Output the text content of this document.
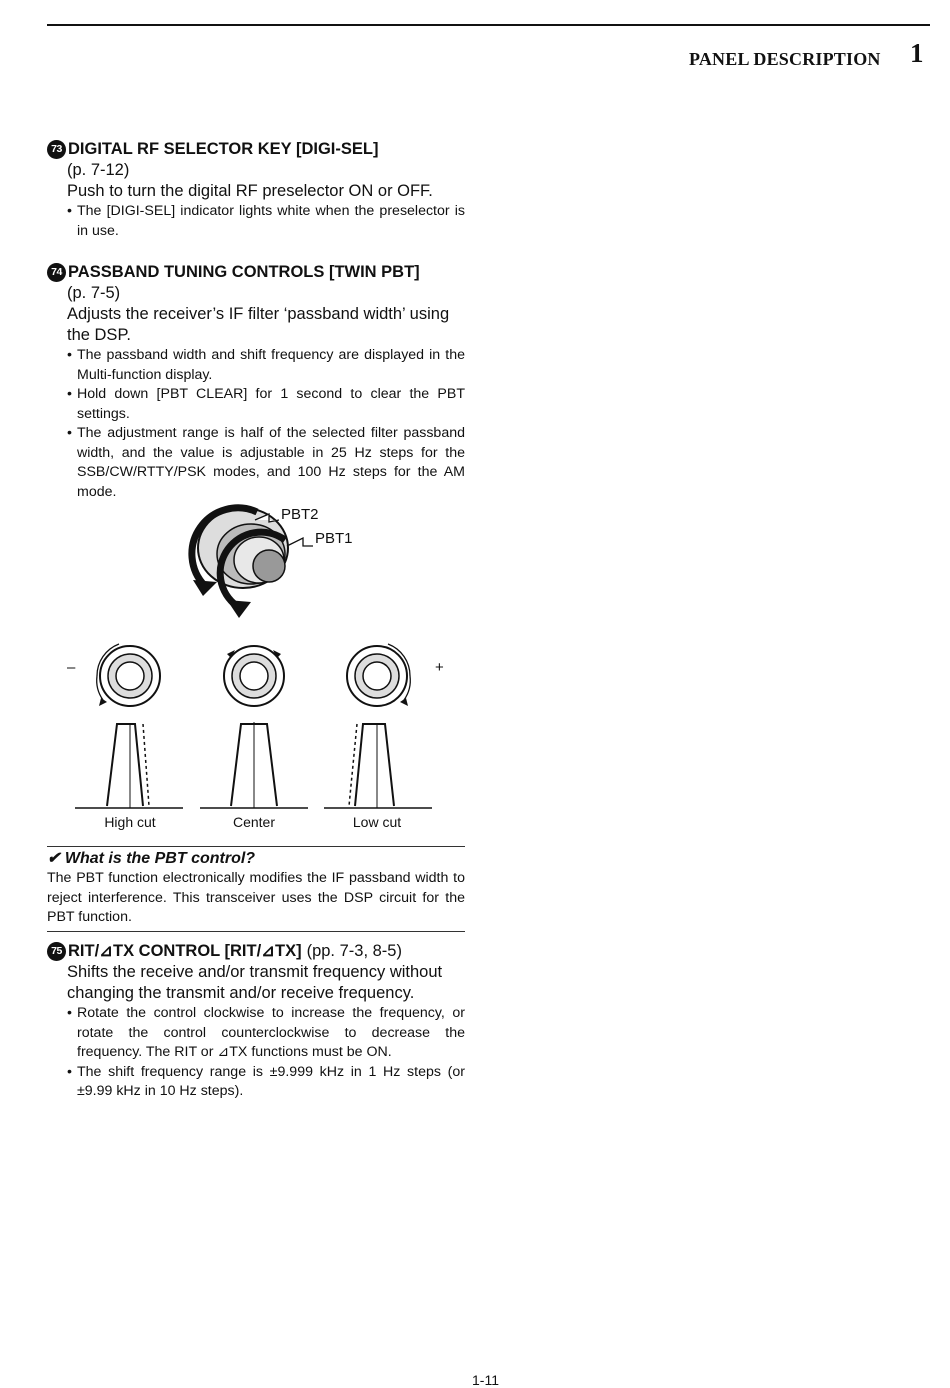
PANEL DESCRIPTION 1
73 DIGITAL RF SELECTOR KEY [DIGI-SEL]
(p. 7-12)
Push to turn the digital RF preselector ON or OFF.
• The [DIGI-SEL] indicator lights white when the preselector is in use.
74 PASSBAND TUNING CONTROLS [TWIN PBT]
(p. 7-5)
Adjusts the receiver’s IF filter ‘passband width’ using the DSP.
• The passband width and shift frequency are displayed in the Multi-function display.
• Hold down [PBT CLEAR] for 1 second to clear the PBT settings.
• The adjustment range is half of the selected filter passband width, and the value is adjustable in 25 Hz steps for the SSB/CW/RTTY/PSK modes, and 100 Hz steps for the AM mode.
PBT2
PBT1
–	+
High cut	Center	Low cut
✔ What is the PBT control?
The PBT function electronically modifies the IF passband width to reject interference. This transceiver uses the DSP circuit for the PBT function.
75 RIT/⊿TX CONTROL [RIT/⊿TX] (pp. 7-3, 8-5)
Shifts the receive and/or transmit frequency without changing the transmit and/or receive frequency.
• Rotate the control clockwise to increase the frequency, or rotate the control counterclockwise to decrease the frequency. The RIT or ⊿TX functions must be ON.
• The shift frequency range is ±9.999 kHz in 1 Hz steps (or ±9.99 kHz in 10 Hz steps).
1-11
